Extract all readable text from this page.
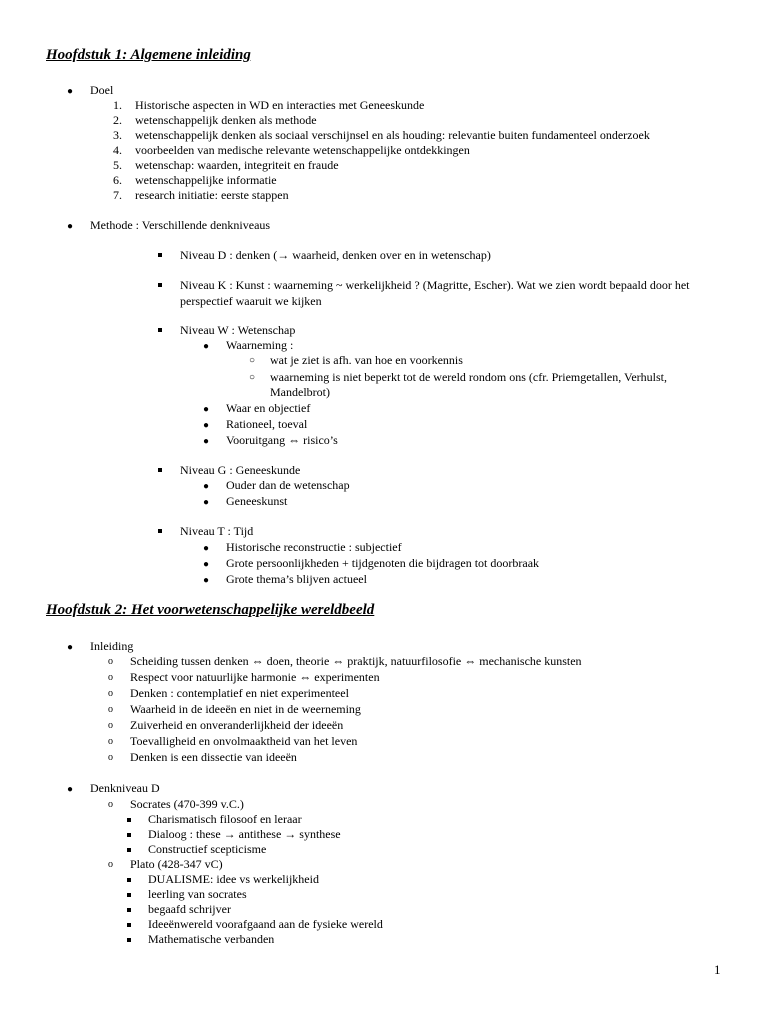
Hoofdstuk 1: Algemene inleiding
● Doel
1. Historische aspecten in WD en interacties met Geneeskunde
2. wetenschappelijk denken als methode
3. wetenschappelijk denken als sociaal verschijnsel en als houding: relevantie buiten fundamenteel onderzoek
4. voorbeelden van medische relevante wetenschappelijke ontdekkingen
5. wetenschap: waarden, integriteit en fraude
6. wetenschappelijke informatie
7. research initiatie: eerste stappen
● Methode : Verschillende denkniveaus
Niveau D : denken (→ waarheid, denken over en in wetenschap)
Niveau K : Kunst : waarneming ~ werkelijkheid ? (Magritte, Escher). Wat we zien wordt bepaald door het
perspectief waaruit we kijken
Niveau W : Wetenschap
● Waarneming :
○ wat je ziet is afh. van hoe en voorkennis
○ waarneming is niet beperkt tot de wereld rondom ons (cfr. Priemgetallen, Verhulst,
Mandelbrot)
● Waar en objectief
● Rationeel, toeval
● Vooruitgang ⇔ risico’s
Niveau G : Geneeskunde
● Ouder dan de wetenschap
● Geneeskunst
Niveau T : Tijd
● Historische reconstructie : subjectief
● Grote persoonlijkheden + tijdgenoten die bijdragen tot doorbraak
● Grote thema’s blijven actueel
Hoofdstuk 2: Het voorwetenschappelijke wereldbeeld
● Inleiding
o Scheiding tussen denken ⇔ doen, theorie ⇔ praktijk, natuurfilosofie ⇔ mechanische kunsten
o Respect voor natuurlijke harmonie ⇔ experimenten
o Denken : contemplatief en niet experimenteel
o Waarheid in de ideeën en niet in de weerneming
o Zuiverheid en onveranderlijkheid der ideeën
o Toevalligheid en onvolmaaktheid van het leven
o Denken is een dissectie van ideeën
● Denkniveau D
o Socrates (470-399 v.C.)
Charismatisch filosoof en leraar
Dialoog : these → antithese → synthese
Constructief scepticisme
o Plato (428-347 vC)
DUALISME: idee vs werkelijkheid
leerling van socrates
begaafd schrijver
Ideeënwereld voorafgaand aan de fysieke wereld
Mathematische verbanden
1
